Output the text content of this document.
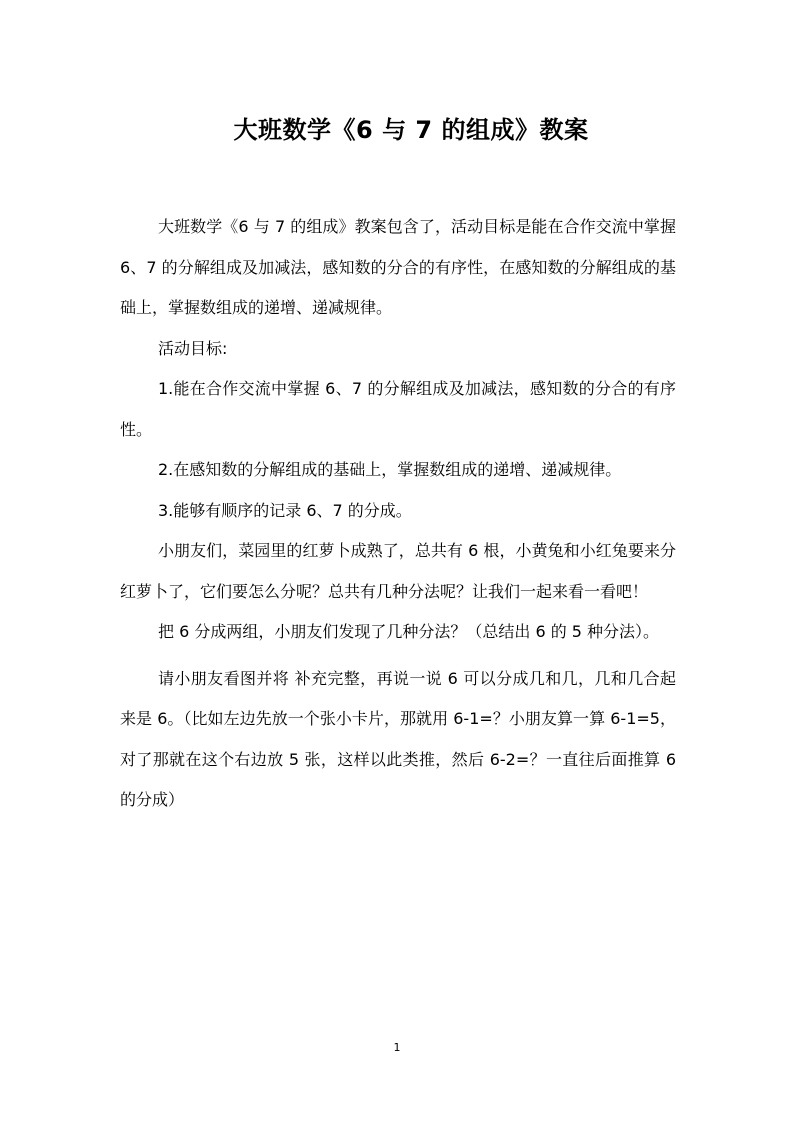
大班数学《6 与 7 的组成》教案

大班数学《6 与 7 的组成》教案包含了，活动目标是能在合作交流中掌握 6、7 的分解组成及加减法，感知数的分合的有序性，在感知数的分解组成的基础上，掌握数组成的递增、递减规律。

活动目标:

1.能在合作交流中掌握 6、7 的分解组成及加减法，感知数的分合的有序性。

2.在感知数的分解组成的基础上，掌握数组成的递增、递减规律。

3.能够有顺序的记录 6、7 的分成。

小朋友们，菜园里的红萝卜成熟了，总共有 6 根，小黄兔和小红兔要来分红萝卜了，它们要怎么分呢？总共有几种分法呢？让我们一起来看一看吧！

把 6 分成两组，小朋友们发现了几种分法？（总结出 6 的 5 种分法）。

请小朋友看图并将 补充完整，再说一说 6 可以分成几和几，几和几合起来是 6。（比如左边先放一个张小卡片，那就用 6-1=？小朋友算一算 6-1=5，对了那就在这个右边放 5 张，这样以此类推，然后 6-2=？一直往后面推算 6 的分成）

1
